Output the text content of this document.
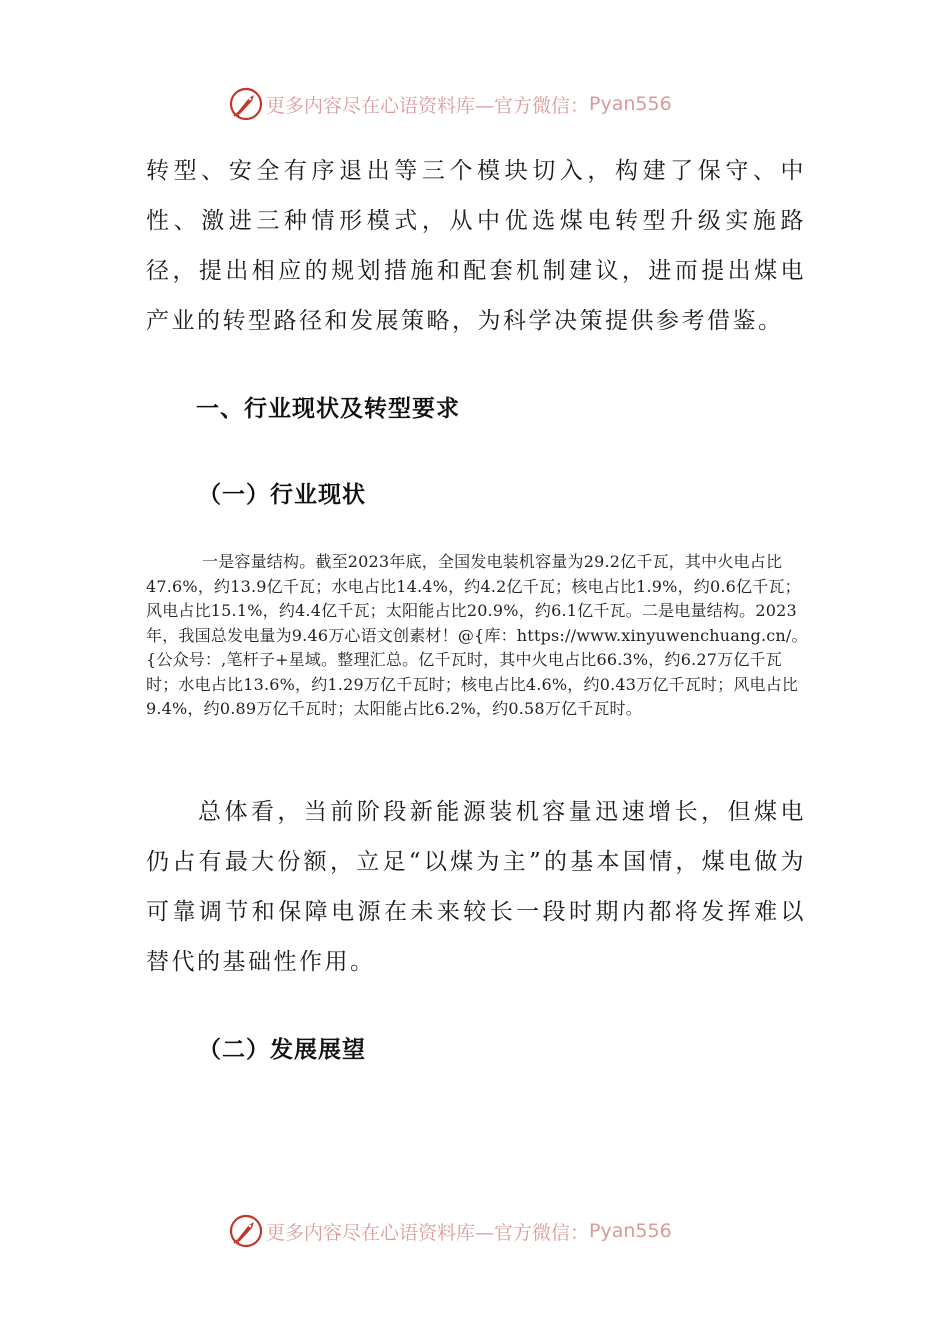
更多内容尽在心语资料库—官方微信： Pyan556

转型、安全有序退出等三个模块切入，构建了保守、中性、激进三种情形模式，从中优选煤电转型升级实施路径，提出相应的规划措施和配套机制建议，进而提出煤电产业的转型路径和发展策略，为科学决策提供参考借鉴。

一、行业现状及转型要求
（一）行业现状

一是容量结构。截至2023年底，全国发电装机容量为29.2亿千瓦，其中火电占比47.6%，约13.9亿千瓦；水电占比14.4%，约4.2亿千瓦；核电占比1.9%，约0.6亿千瓦；风电占比15.1%，约4.4亿千瓦；太阳能占比20.9%，约6.1亿千瓦。二是电量结构。2023年，我国总发电量为9.46万心语文创素材！@{库：https://www.xinyuwenchuang.cn/。{公众号：,笔杆子+星域。整理汇总。亿千瓦时，其中火电占比66.3%，约6.27万亿千瓦时；水电占比13.6%，约1.29万亿千瓦时；核电占比4.6%，约0.43万亿千瓦时；风电占比9.4%，约0.89万亿千瓦时；太阳能占比6.2%，约0.58万亿千瓦时。

总体看，当前阶段新能源装机容量迅速增长，但煤电仍占有最大份额，立足“以煤为主”的基本国情，煤电做为可靠调节和保障电源在未来较长一段时期内都将发挥难以替代的基础性作用。

（二）发展展望
更多内容尽在心语资料库—官方微信： Pyan556
